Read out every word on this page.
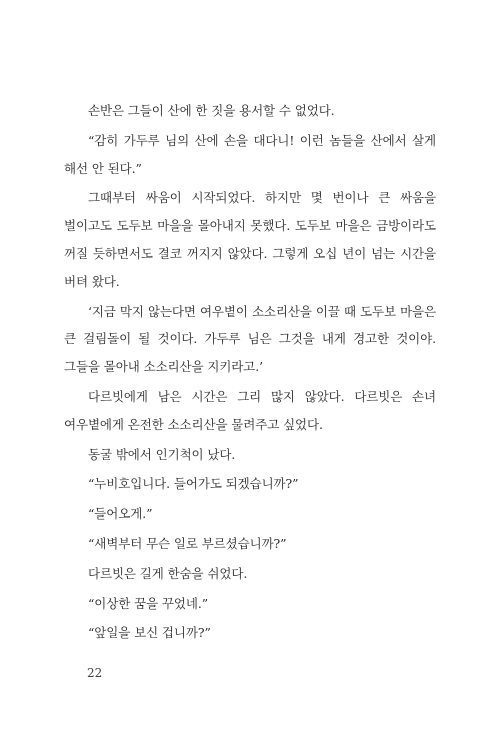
손반은 그들이 산에 한 짓을 용서할 수 없었다.

“감히 가두루 님의 산에 손을 대다니! 이런 놈들을 산에서 살게 해선 안 된다.”

그때부터 싸움이 시작되었다. 하지만 몇 번이나 큰 싸움을 벌이고도 도두보 마을을 몰아내지 못했다. 도두보 마을은 금방이라도 꺼질 듯하면서도 결코 꺼지지 않았다. 그렇게 오십 년이 넘는 시간을 버텨 왔다.

‘지금 막지 않는다면 여우볕이 소소리산을 이끌 때 도두보 마을은 큰 걸림돌이 될 것이다. 가두루 님은 그것을 내게 경고한 것이야. 그들을 몰아내 소소리산을 지키라고.’

다르빗에게 남은 시간은 그리 많지 않았다. 다르빗은 손녀 여우볕에게 온전한 소소리산을 물려주고 싶었다.

동굴 밖에서 인기척이 났다.

“누비호입니다. 들어가도 되겠습니까?”

“들어오게.”

“새벽부터 무슨 일로 부르셨습니까?”

다르빗은 길게 한숨을 쉬었다.

“이상한 꿈을 꾸었네.”

“앞일을 보신 겁니까?”

22
